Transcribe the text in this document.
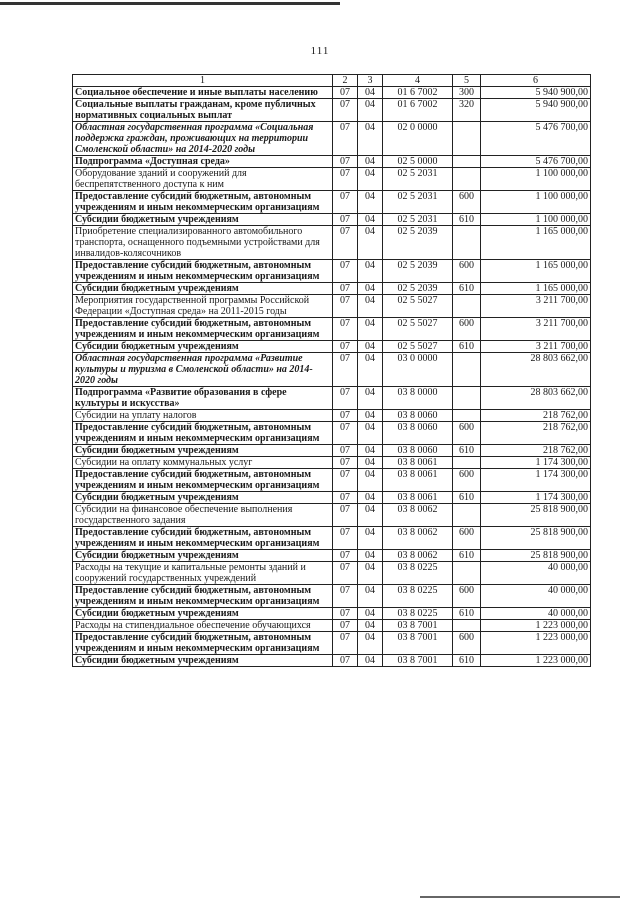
111
1	2	3	4	5	6
Социальное обеспечение и иные выплаты населению	07	04	01 6 7002	300	5 940 900,00
Социальные выплаты гражданам, кроме публичных нормативных социальных выплат	07	04	01 6 7002	320	5 940 900,00
Областная государственная программа «Социальная поддержка граждан, проживающих на территории Смоленской области» на 2014-2020 годы	07	04	02 0 0000		5 476 700,00
Подпрограмма «Доступная среда»	07	04	02 5 0000		5 476 700,00
Оборудование зданий и сооружений для беспрепятственного доступа к ним	07	04	02 5 2031		1 100 000,00
Предоставление субсидий бюджетным, автономным учреждениям и иным некоммерческим организациям	07	04	02 5 2031	600	1 100 000,00
Субсидии бюджетным учреждениям	07	04	02 5 2031	610	1 100 000,00
Приобретение специализированного автомобильного транспорта, оснащенного подъемными устройствами для инвалидов-колясочников	07	04	02 5 2039		1 165 000,00
Предоставление субсидий бюджетным, автономным учреждениям и иным некоммерческим организациям	07	04	02 5 2039	600	1 165 000,00
Субсидии бюджетным учреждениям	07	04	02 5 2039	610	1 165 000,00
Мероприятия государственной программы Российской Федерации «Доступная среда» на 2011-2015 годы	07	04	02 5 5027		3 211 700,00
Предоставление субсидий бюджетным, автономным учреждениям и иным некоммерческим организациям	07	04	02 5 5027	600	3 211 700,00
Субсидии бюджетным учреждениям	07	04	02 5 5027	610	3 211 700,00
Областная государственная программа «Развитие культуры и туризма в Смоленской области» на 2014-2020 годы	07	04	03 0 0000		28 803 662,00
Подпрограмма «Развитие образования в сфере культуры и искусства»	07	04	03 8 0000		28 803 662,00
Субсидии на уплату налогов	07	04	03 8 0060		218 762,00
Предоставление субсидий бюджетным, автономным учреждениям и иным некоммерческим организациям	07	04	03 8 0060	600	218 762,00
Субсидии бюджетным учреждениям	07	04	03 8 0060	610	218 762,00
Субсидии на оплату коммунальных услуг	07	04	03 8 0061		1 174 300,00
Предоставление субсидий бюджетным, автономным учреждениям и иным некоммерческим организациям	07	04	03 8 0061	600	1 174 300,00
Субсидии бюджетным учреждениям	07	04	03 8 0061	610	1 174 300,00
Субсидии на финансовое обеспечение выполнения государственного задания	07	04	03 8 0062		25 818 900,00
Предоставление субсидий бюджетным, автономным учреждениям и иным некоммерческим организациям	07	04	03 8 0062	600	25 818 900,00
Субсидии бюджетным учреждениям	07	04	03 8 0062	610	25 818 900,00
Расходы на текущие и капитальные ремонты зданий и сооружений государственных учреждений	07	04	03 8 0225		40 000,00
Предоставление субсидий бюджетным, автономным учреждениям и иным некоммерческим организациям	07	04	03 8 0225	600	40 000,00
Субсидии бюджетным учреждениям	07	04	03 8 0225	610	40 000,00
Расходы на стипендиальное обеспечение обучающихся	07	04	03 8 7001		1 223 000,00
Предоставление субсидий бюджетным, автономным учреждениям и иным некоммерческим организациям	07	04	03 8 7001	600	1 223 000,00
Субсидии бюджетным учреждениям	07	04	03 8 7001	610	1 223 000,00
